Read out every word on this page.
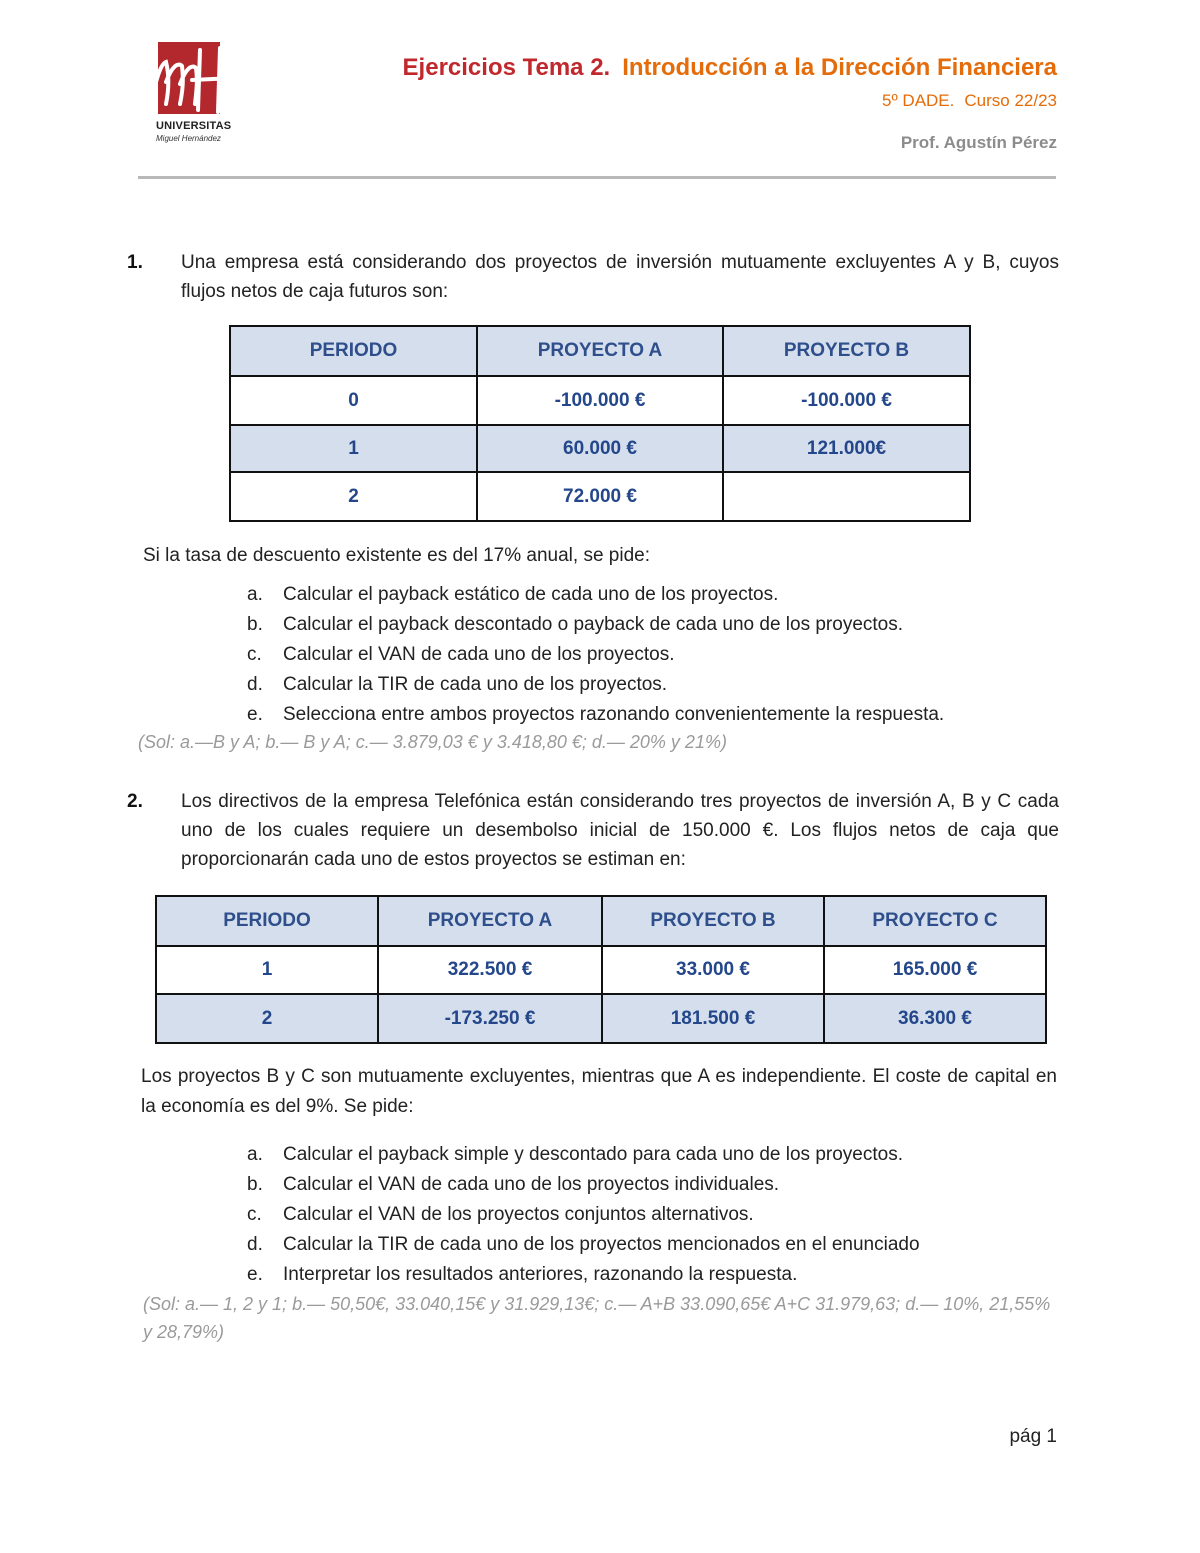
UNIVERSITAS
Miguel Hernández
Ejercicios Tema 2. Introducción a la Dirección Financiera
5º DADE. Curso 22/23
Prof. Agustín Pérez
1. Una empresa está considerando dos proyectos de inversión mutuamente excluyentes A y B, cuyos flujos netos de caja futuros son:
PERIODO	PROYECTO A	PROYECTO B
0	-100.000 €	-100.000 €
1	60.000 €	121.000€
2	72.000 €	
Si la tasa de descuento existente es del 17% anual, se pide:
a. Calcular el payback estático de cada uno de los proyectos.
b. Calcular el payback descontado o payback de cada uno de los proyectos.
c. Calcular el VAN de cada uno de los proyectos.
d. Calcular la TIR de cada uno de los proyectos.
e. Selecciona entre ambos proyectos razonando convenientemente la respuesta.
(Sol: a.—B y A; b.— B y A; c.— 3.879,03 € y 3.418,80 €; d.— 20% y 21%)
2. Los directivos de la empresa Telefónica están considerando tres proyectos de inversión A, B y C cada uno de los cuales requiere un desembolso inicial de 150.000 €. Los flujos netos de caja que proporcionarán cada uno de estos proyectos se estiman en:
PERIODO	PROYECTO A	PROYECTO B	PROYECTO C
1	322.500 €	33.000 €	165.000 €
2	-173.250 €	181.500 €	36.300 €
Los proyectos B y C son mutuamente excluyentes, mientras que A es independiente. El coste de capital en la economía es del 9%. Se pide:
a. Calcular el payback simple y descontado para cada uno de los proyectos.
b. Calcular el VAN de cada uno de los proyectos individuales.
c. Calcular el VAN de los proyectos conjuntos alternativos.
d. Calcular la TIR de cada uno de los proyectos mencionados en el enunciado
e. Interpretar los resultados anteriores, razonando la respuesta.
(Sol: a.— 1, 2 y 1; b.— 50,50€, 33.040,15€ y 31.929,13€; c.— A+B 33.090,65€ A+C 31.979,63; d.— 10%, 21,55% y 28,79%)
pág 1
